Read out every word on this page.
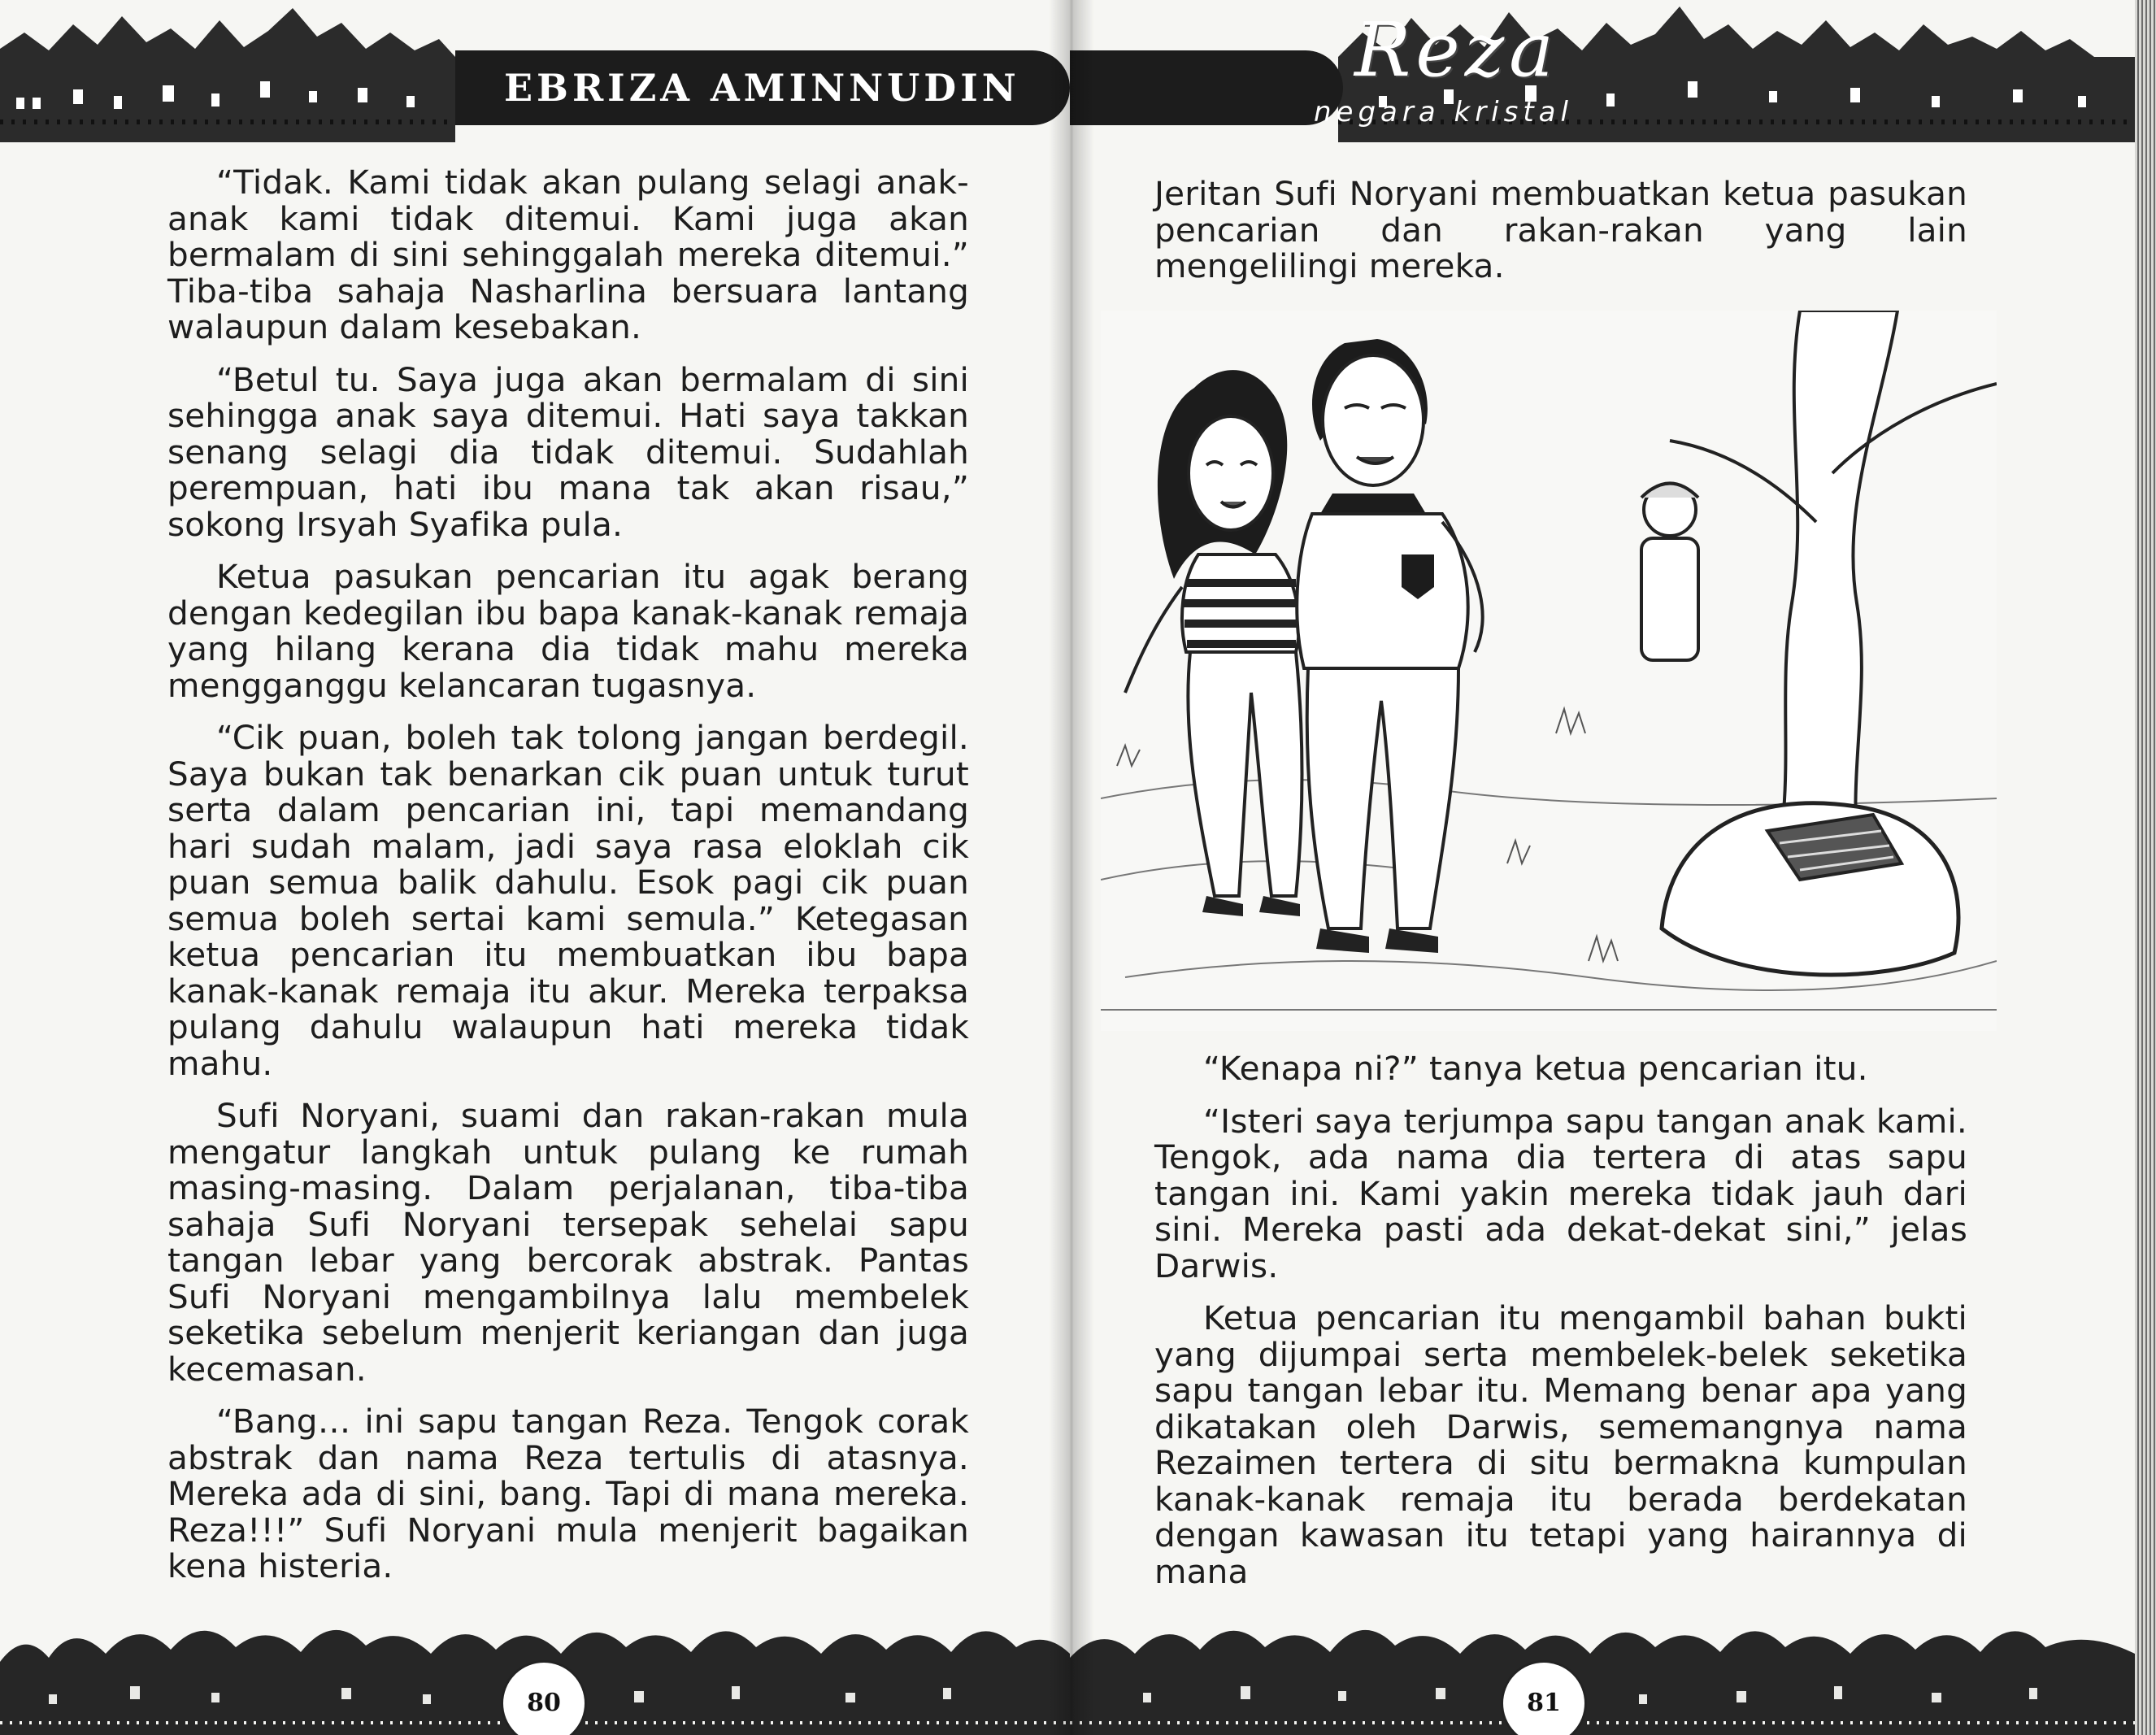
EBRIZA AMINNUDIN

“Tidak. Kami tidak akan pulang selagi anak-anak kami tidak ditemui. Kami juga akan bermalam di sini sehinggalah mereka ditemui.” Tiba-tiba sahaja Nasharlina bersuara lantang walaupun dalam kesebakan.

“Betul tu. Saya juga akan bermalam di sini sehingga anak saya ditemui. Hati saya takkan senang selagi dia tidak ditemui. Sudahlah perempuan, hati ibu mana tak akan risau,” sokong Irsyah Syafika pula.

Ketua pasukan pencarian itu agak berang dengan kedegilan ibu bapa kanak-kanak remaja yang hilang kerana dia tidak mahu mereka mengganggu kelancaran tugasnya.

“Cik puan, boleh tak tolong jangan berdegil. Saya bukan tak benarkan cik puan untuk turut serta dalam pencarian ini, tapi memandang hari sudah malam, jadi saya rasa eloklah cik puan semua balik dahulu. Esok pagi cik puan semua boleh sertai kami semula.” Ketegasan ketua pencarian itu membuatkan ibu bapa kanak-kanak remaja itu akur. Mereka terpaksa pulang dahulu walaupun hati mereka tidak mahu.

Sufi Noryani, suami dan rakan-rakan mula mengatur langkah untuk pulang ke rumah masing-masing. Dalam perjalanan, tiba-tiba sahaja Sufi Noryani tersepak sehelai sapu tangan lebar yang bercorak abstrak. Pantas Sufi Noryani mengambilnya lalu membelek seketika sebelum menjerit keriangan dan juga kecemasan.

“Bang… ini sapu tangan Reza. Tengok corak abstrak dan nama Reza tertulis di atasnya. Mereka ada di sini, bang. Tapi di mana mereka. Reza!!!” Sufi Noryani mula menjerit bagaikan kena histeria.

80
Reza
negara kristal

Jeritan Sufi Noryani membuatkan ketua pasukan pencarian dan rakan-rakan yang lain mengelilingi mereka.

“Kenapa ni?” tanya ketua pencarian itu.

“Isteri saya terjumpa sapu tangan anak kami. Tengok, ada nama dia tertera di atas sapu tangan ini. Kami yakin mereka tidak jauh dari sini. Mereka pasti ada dekat-dekat sini,” jelas Darwis.

Ketua pencarian itu mengambil bahan bukti yang dijumpai serta membelek-belek seketika sapu tangan lebar itu. Memang benar apa yang dikatakan oleh Darwis, sememangnya nama Rezaimen tertera di situ bermakna kumpulan kanak-kanak remaja itu berada berdekatan dengan kawasan itu tetapi yang hairannya di mana

81
